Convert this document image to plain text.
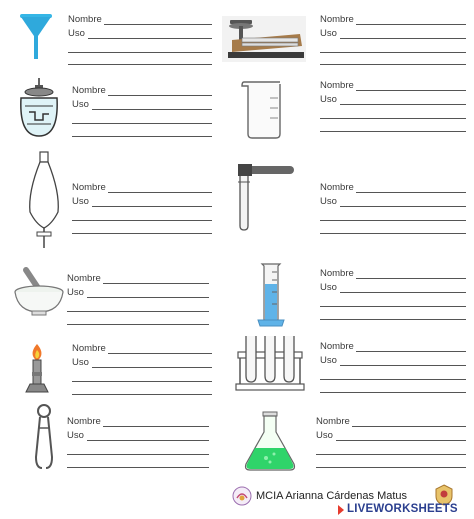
Nombre
Uso
Nombre
Uso
Nombre
Uso
Nombre
Uso
Nombre
Uso
Nombre
Uso
Nombre
Uso
Nombre
Uso
Nombre
Uso
Nombre
Uso
Nombre
Uso
Nombre
Uso
MCIA Arianna Cárdenas Matus
LIVEWORKSHEETS
